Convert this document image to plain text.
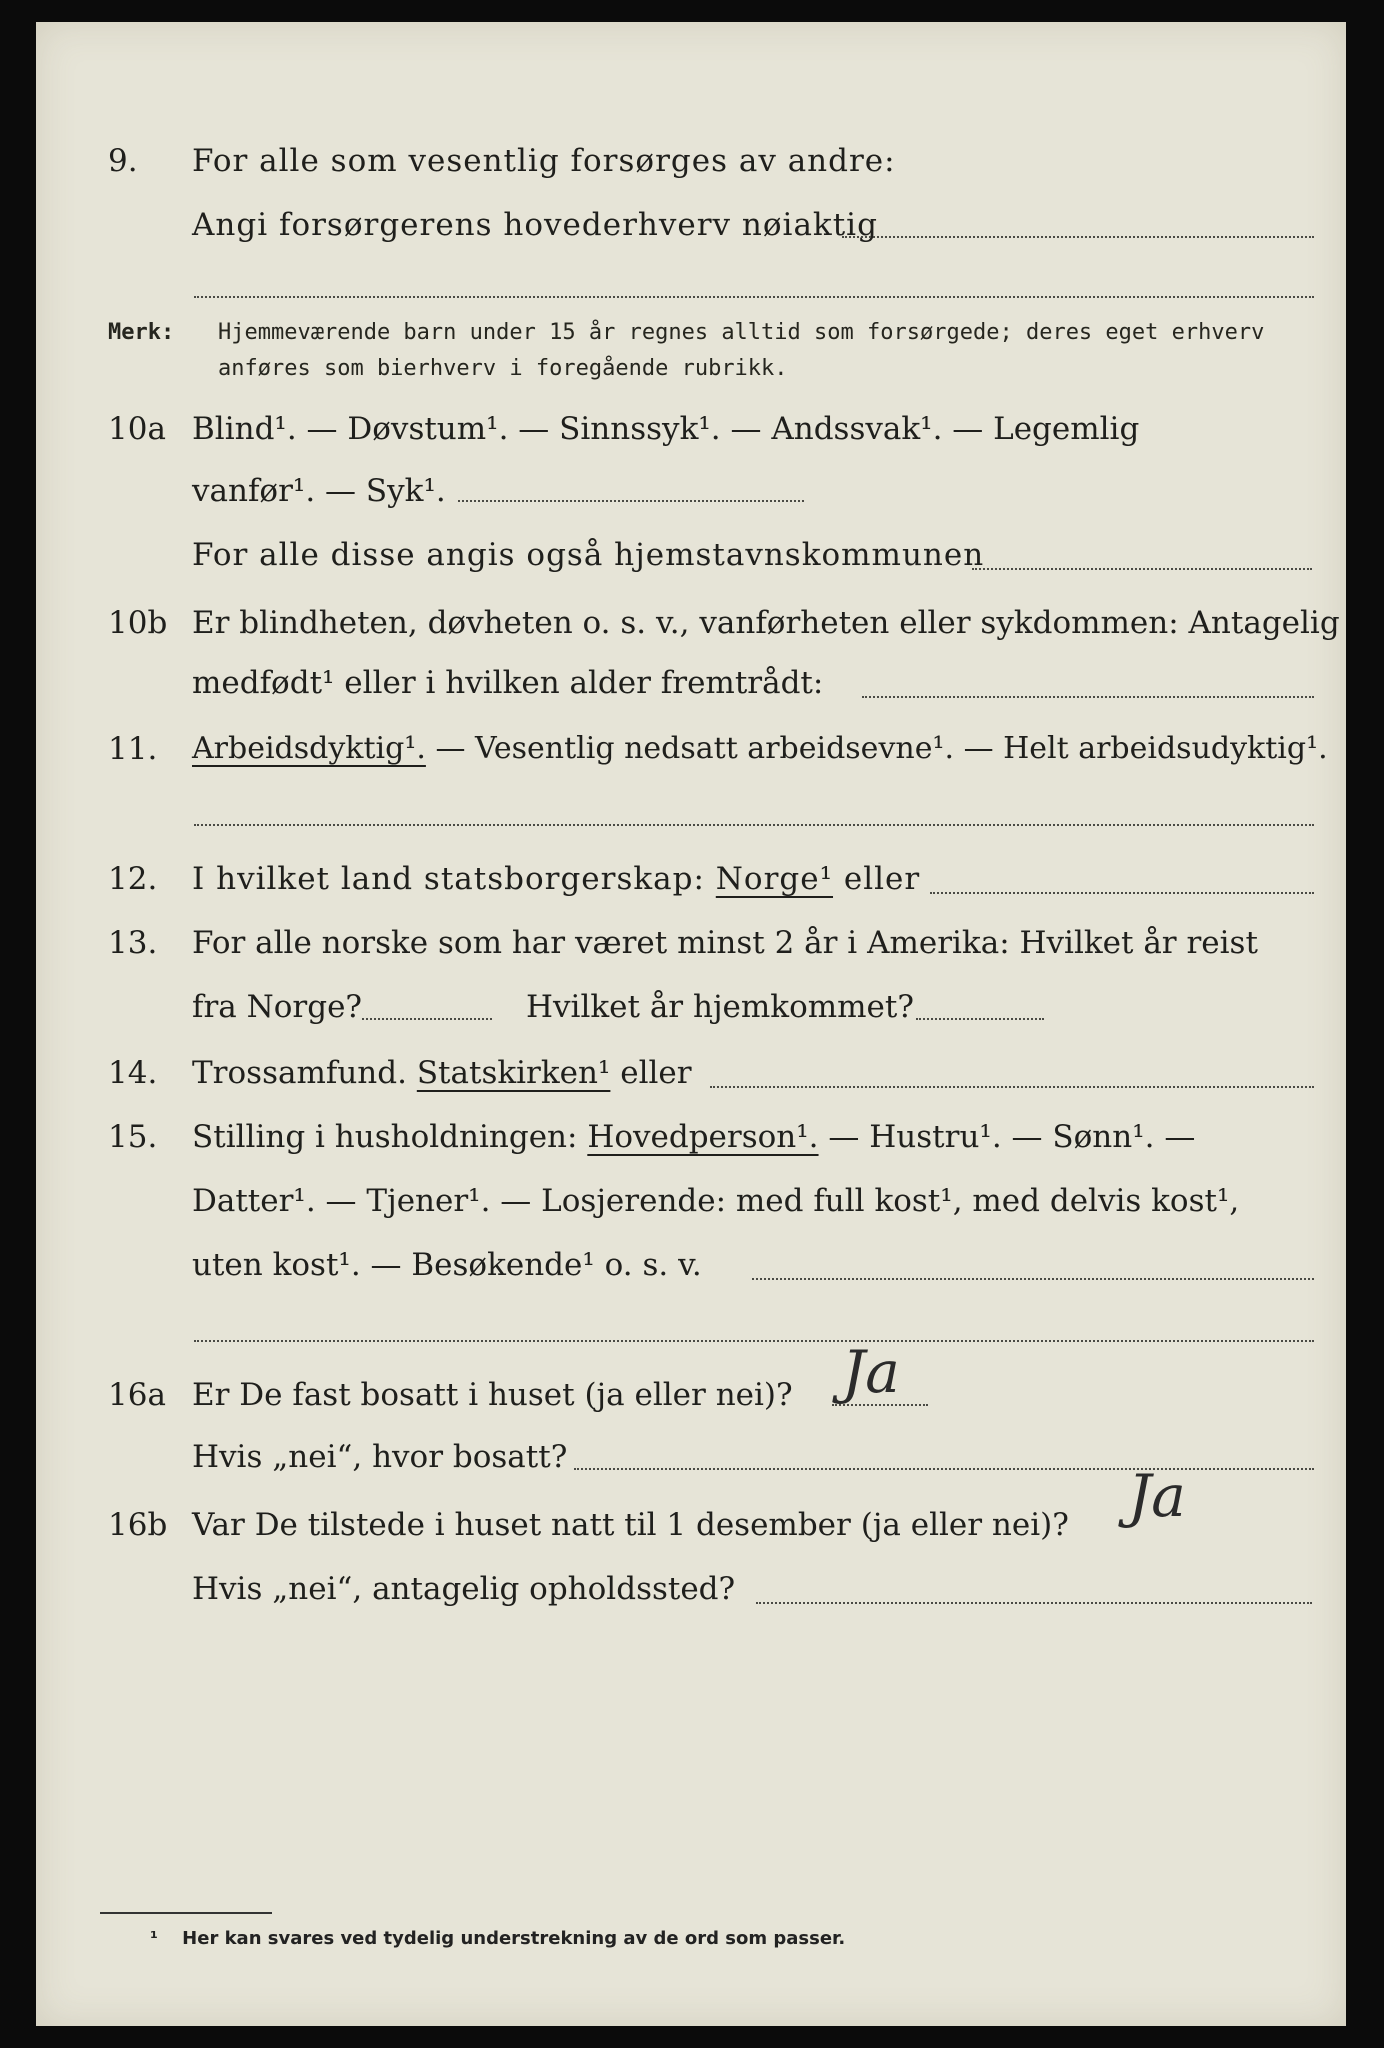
9. For alle som vesentlig forsørges av andre:
Angi forsørgerens hovederhverv nøiaktig
Merk: Hjemmeværende barn under 15 år regnes alltid som forsørgede; deres eget erhverv
anføres som bierhverv i foregående rubrikk.
10a Blind¹. — Døvstum¹. — Sinnssyk¹. — Andssvak¹. — Legemlig
vanfør¹. — Syk¹.
For alle disse angis også hjemstavnskommunen
10b Er blindheten, døvheten o. s. v., vanførheten eller sykdommen: Antagelig
medfødt¹ eller i hvilken alder fremtrådt:
11. Arbeidsdyktig¹. — Vesentlig nedsatt arbeidsevne¹. — Helt arbeidsudyktig¹.
12. I hvilket land statsborgerskap: Norge¹ eller
13. For alle norske som har været minst 2 år i Amerika: Hvilket år reist
fra Norge?	Hvilket år hjemkommet?
14. Trossamfund. Statskirken¹ eller
15. Stilling i husholdningen: Hovedperson¹. — Hustru¹. — Sønn¹. —
Datter¹. — Tjener¹. — Losjerende: med full kost¹, med delvis kost¹,
uten kost¹. — Besøkende¹ o. s. v.
16a Er De fast bosatt i huset (ja eller nei)? Ja
Hvis „nei“, hvor bosatt?
16b Var De tilstede i huset natt til 1 desember (ja eller nei)? Ja
Hvis „nei“, antagelig opholdssted?
¹ Her kan svares ved tydelig understrekning av de ord som passer.
